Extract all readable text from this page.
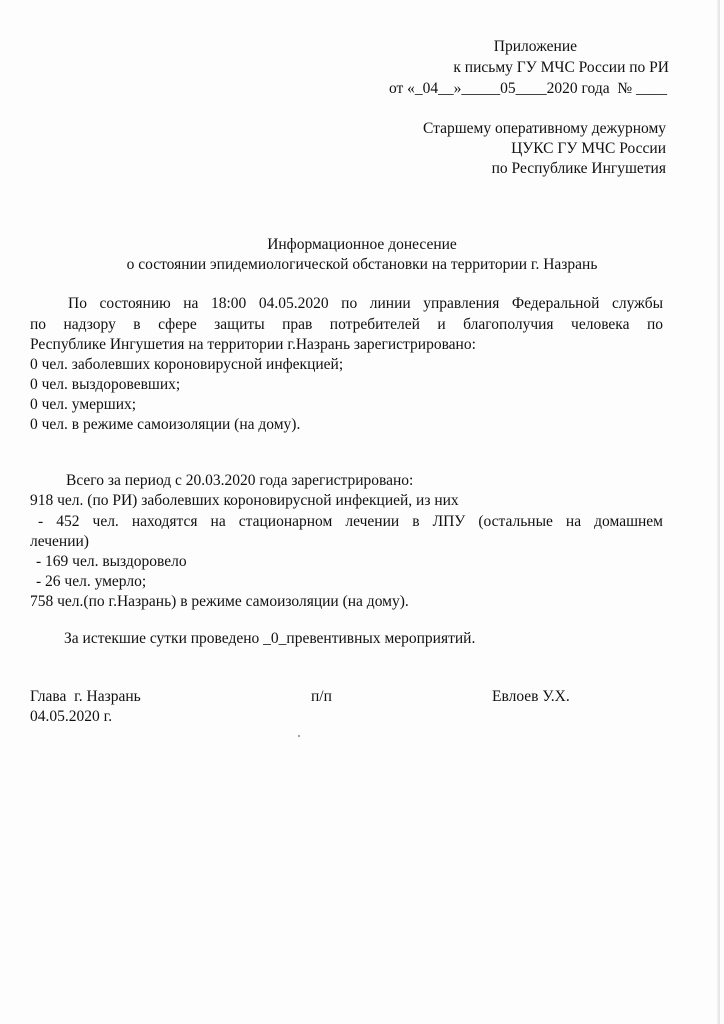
Приложение
к письму ГУ МЧС России по РИ
от «_04__»_____05____2020 года  № ____
Старшему оперативному дежурному
ЦУКС ГУ МЧС России
по Республике Ингушетия
Информационное донесение
о состоянии эпидемиологической обстановки на территории г. Назрань
По состоянию на 18:00 04.05.2020 по линии управления Федеральной службы
по надзору в сфере защиты прав потребителей и благополучия человека по
Республике Ингушетия на территории г.Назрань зарегистрировано:
0 чел. заболевших короновирусной инфекцией;
0 чел. выздоровевших;
0 чел. умерших;
0 чел. в режиме самоизоляции (на дому).
Всего за период с 20.03.2020 года зарегистрировано:
918 чел. (по РИ) заболевших короновирусной инфекцией, из них
- 452 чел. находятся на стационарном лечении в ЛПУ (остальные на домашнем
лечении)
- 169 чел. выздоровело
- 26 чел. умерло;
758 чел.(по г.Назрань) в режиме самоизоляции (на дому).
За истекшие сутки проведено _0_превентивных мероприятий.
Глава  г. Назрань
04.05.2020 г.
п/п	Евлоев У.Х.
